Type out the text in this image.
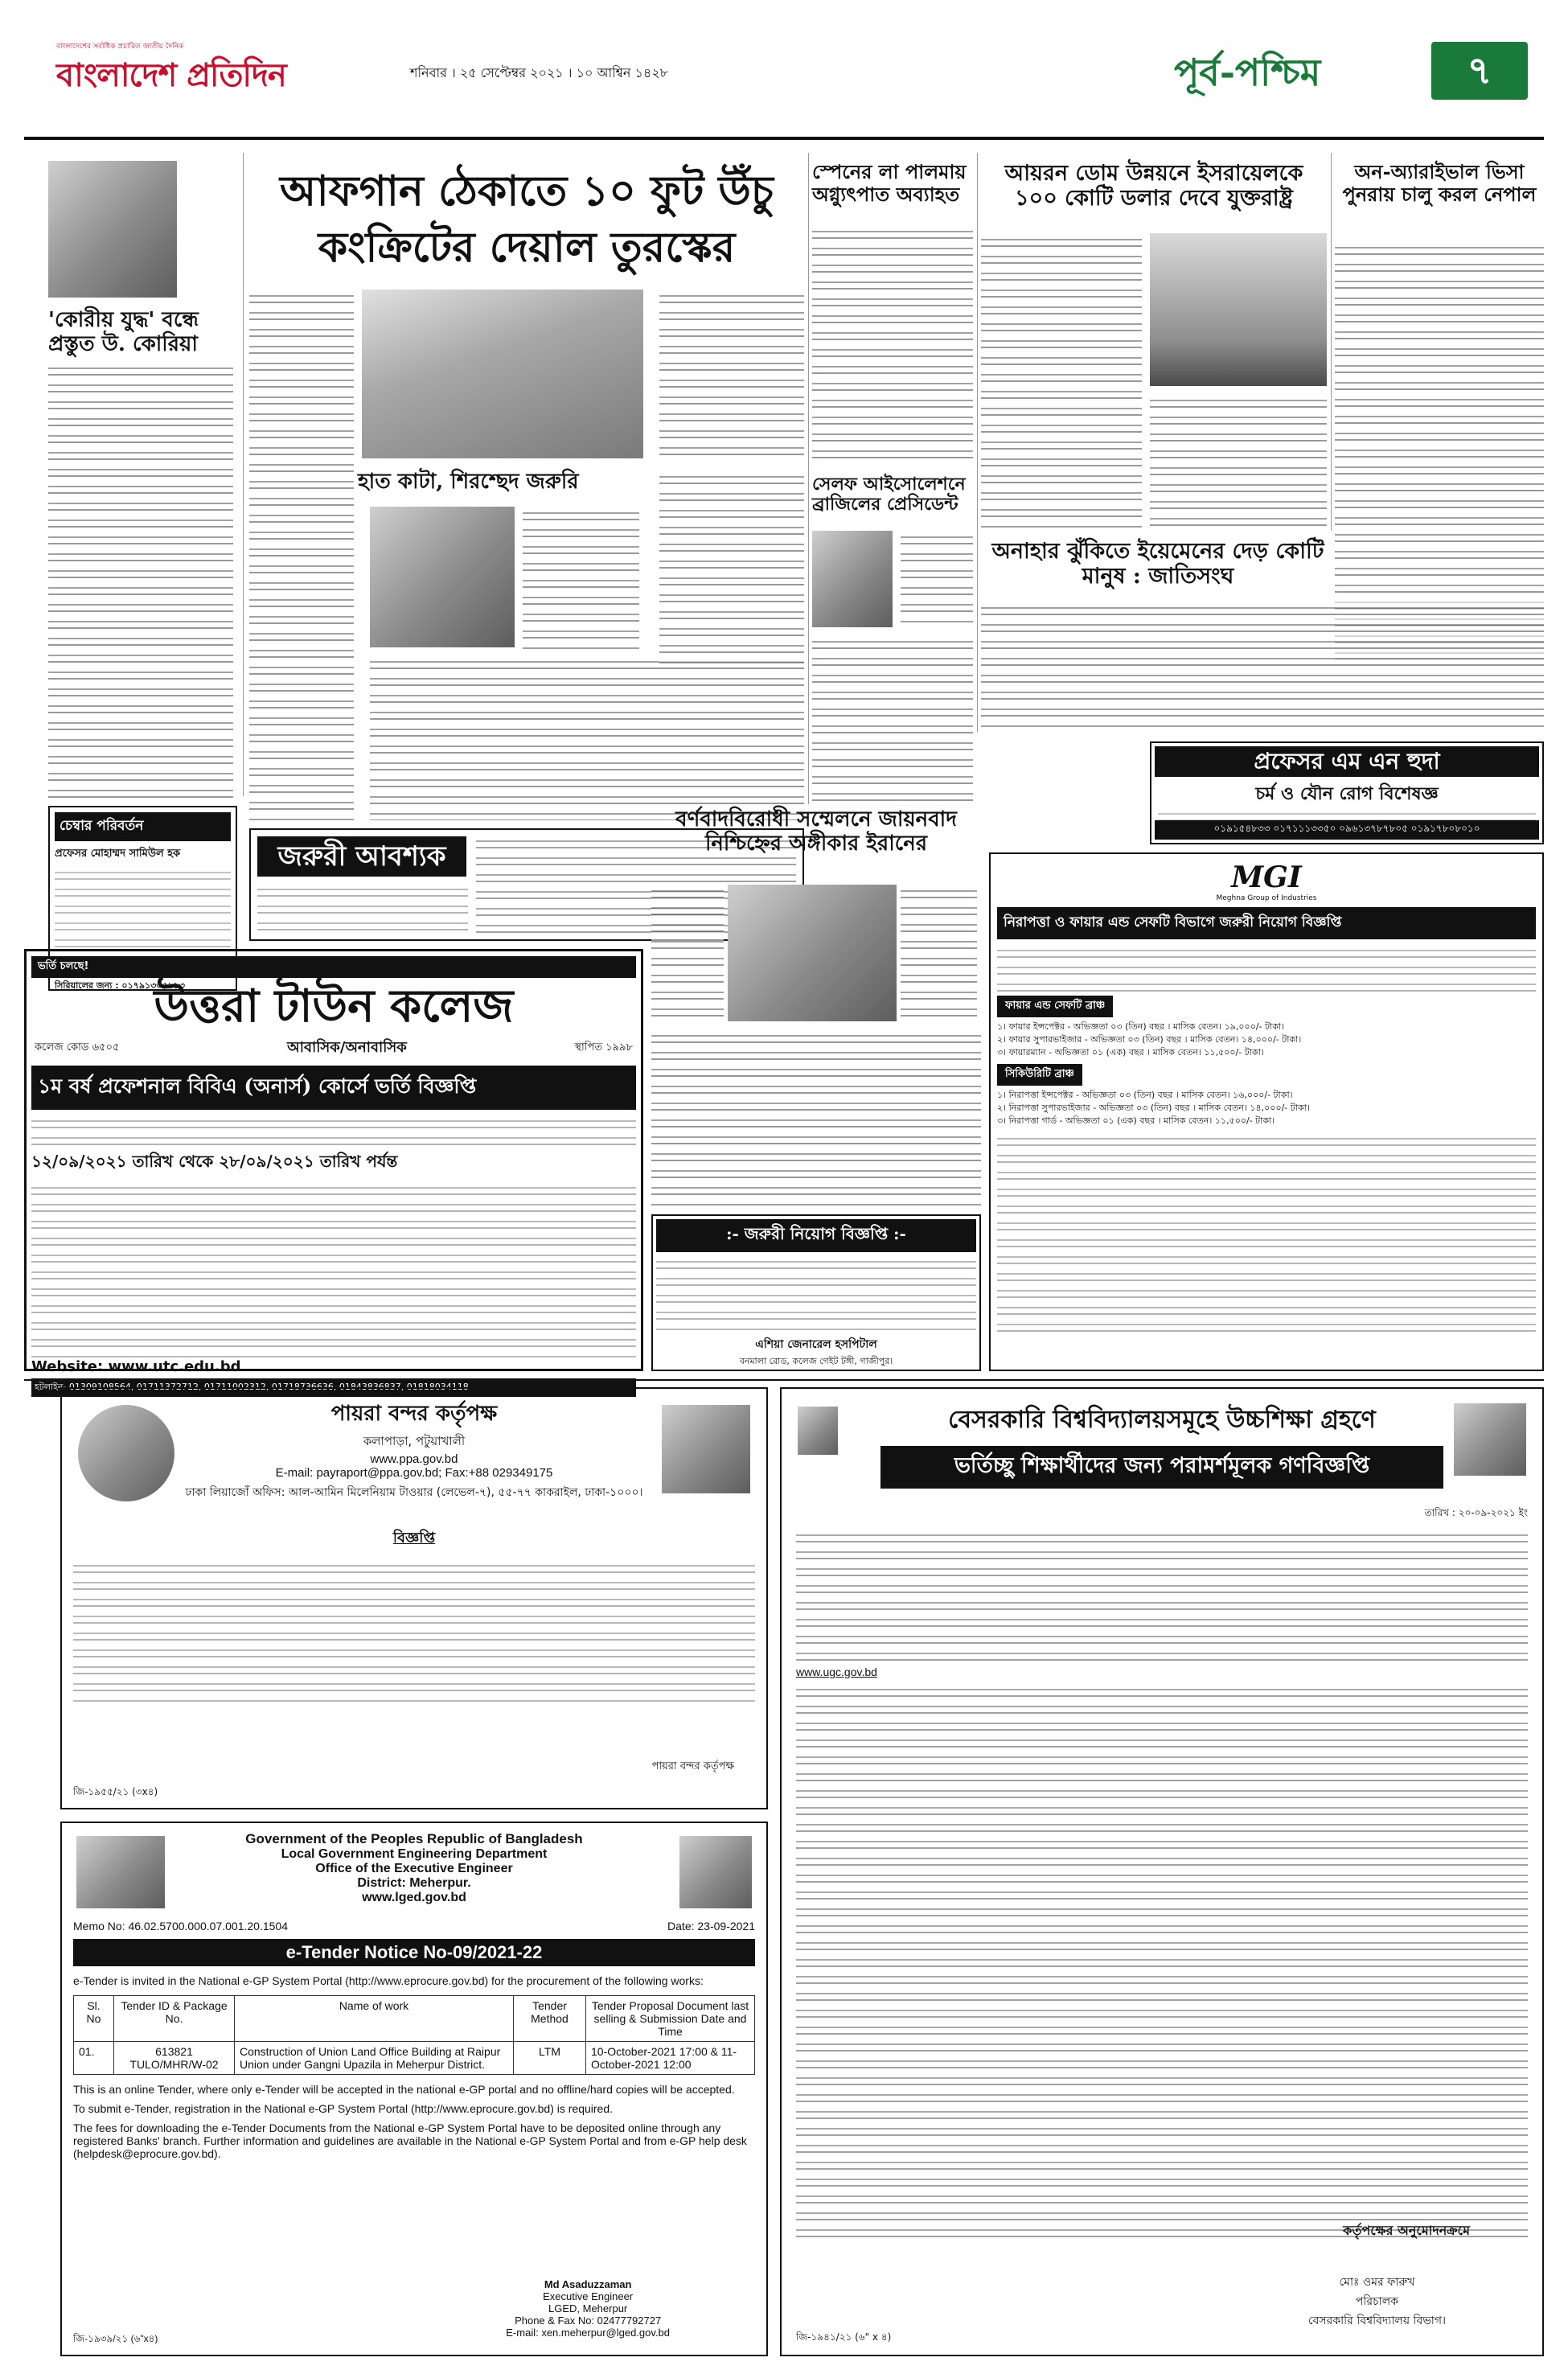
বাংলাদেশের সর্বাধিক প্রচারিত জাতীয় দৈনিক
বাংলাদেশ প্রতিদিন	শনিবার । ২৫ সেপ্টেম্বর ২০২১ । ১০ আশ্বিন ১৪২৮	পূর্ব-পশ্চিম	৭
'কোরীয় যুদ্ধ' বন্ধে প্রস্তুত উ. কোরিয়া
চেম্বার পরিবর্তন
প্রফেসর মোহাম্মদ সামিউল হক
সিরিয়ালের জন্য : ০১৭৯১৩৩৫৯১৩
আফগান ঠেকাতে ১০ ফুট উঁচু
কংক্রিটের দেয়াল তুরস্কের
হাত কাটা, শিরশ্ছেদ জরুরি
জরুরী আবশ্যক
স্পেনের লা পালমায় অগ্ন্যুৎপাত অব্যাহত
সেলফ আইসোলেশনে ব্রাজিলের প্রেসিডেন্ট
আয়রন ডোম উন্নয়নে ইসরায়েলকে ১০০ কোটি ডলার দেবে যুক্তরাষ্ট্র
অন-অ্যারাইভাল ভিসা পুনরায় চালু করল নেপাল
অনাহার ঝুঁকিতে ইয়েমেনের দেড় কোটি মানুষ : জাতিসংঘ
প্রফেসর এম এন হুদা
চর্ম ও যৌন রোগ বিশেষজ্ঞ
০১৯১৫৪৮৩৩ ০১৭১১১৩৩৫০ ০৯৬১৩৭৮৭৮০৫ ০১৯১৭৮০৮০১০
বর্ণবাদবিরোধী সম্মেলনে জায়নবাদ নিশ্চিহ্নের অঙ্গীকার ইরানের
:- জরুরী নিয়োগ বিজ্ঞপ্তি :-
এশিয়া জেনারেল হসপিটাল
বনমালা রোড, কলেজ গেইট টঙ্গী, গাজীপুর।
MGI
Meghna Group of Industries
নিরাপত্তা ও ফায়ার এন্ড সেফটি বিভাগে জরুরী নিয়োগ বিজ্ঞপ্তি
ফায়ার এন্ড সেফটি ব্রাঞ্চ
১। ফায়ার ইন্সপেক্টর - অভিজ্ঞতা ০৩ (তিন) বছর । মাসিক বেতন। ১৯,০০০/- টাকা।
২। ফায়ার সুপারভাইজার - অভিজ্ঞতা ০৩ (তিন) বছর । মাসিক বেতন। ১৪,০০০/- টাকা।
৩। ফায়ারম্যান - অভিজ্ঞতা ০১ (এক) বছর । মাসিক বেতন। ১১,৫০০/- টাকা।
সিকিউরিটি ব্রাঞ্চ
১। নিরাপত্তা ইন্সপেক্টর - অভিজ্ঞতা ০৩ (তিন) বছর । মাসিক বেতন। ১৬,০০০/- টাকা।
২। নিরাপত্তা সুপারভাইজার - অভিজ্ঞতা ০৩ (তিন) বছর । মাসিক বেতন। ১৪,০০০/- টাকা।
৩। নিরাপত্তা গার্ড - অভিজ্ঞতা ০১ (এক) বছর । মাসিক বেতন। ১১,৫০০/- টাকা।
ভর্তি চলছে!
উত্তরা টাউন কলেজ
কলেজ কোড ৬৫০৫	আবাসিক/অনাবাসিক	স্থাপিত ১৯৯৮
১ম বর্ষ প্রফেশনাল বিবিএ (অনার্স) কোর্সে ভর্তি বিজ্ঞপ্তি
১২/০৯/২০২১ তারিখ থেকে ২৮/০৯/২০২১ তারিখ পর্যন্ত
Website: www.utc.edu.bd
হটলাইন- 01309108564, 01711372712, 01711002312, 01718736636, 01843836837, 01818034118
পায়রা বন্দর কর্তৃপক্ষ
কলাপাড়া, পটুয়াখালী
www.ppa.gov.bd
E-mail: payraport@ppa.gov.bd; Fax:+88 029349175
ঢাকা লিয়াজোঁ অফিস: আল-আমিন মিলেনিয়াম টাওয়ার (লেভেল-৭), ৫৫-৭৭ কাকরাইল, ঢাকা-১০০০।
বিজ্ঞপ্তি
পায়রা বন্দর কর্তৃপক্ষ
জি-১৯৫৫/২১ (৩x৪)
Government of the Peoples Republic of Bangladesh
Local Government Engineering Department
Office of the Executive Engineer
District: Meherpur.
www.lged.gov.bd
Memo No: 46.02.5700.000.07.001.20.1504	Date: 23-09-2021
e-Tender Notice No-09/2021-22
e-Tender is invited in the National e-GP System Portal (http://www.eprocure.gov.bd) for the procurement of the following works:
Sl. No	Tender ID & Package No.	Name of work	Tender Method	Tender Proposal Document last selling & Submission Date and Time
01.	613821 TULO/MHR/W-02	Construction of Union Land Office Building at Raipur Union under Gangni Upazila in Meherpur District.	LTM	10-October-2021 17:00 & 11-October-2021 12:00
This is an online Tender, where only e-Tender will be accepted in the national e-GP portal and no offline/hard copies will be accepted.
To submit e-Tender, registration in the National e-GP System Portal (http://www.eprocure.gov.bd) is required.
The fees for downloading the e-Tender Documents from the National e-GP System Portal have to be deposited online through any registered Banks' branch. Further information and guidelines are available in the National e-GP System Portal and from e-GP help desk (helpdesk@eprocure.gov.bd).
Md Asaduzzaman
Executive Engineer
LGED, Meherpur
Phone & Fax No: 02477792727
E-mail: xen.meherpur@lged.gov.bd
জি-১৯৩৯/২১ (৬"x৪)
বেসরকারি বিশ্ববিদ্যালয়সমূহে উচ্চশিক্ষা গ্রহণে
ভর্তিচ্ছু শিক্ষার্থীদের জন্য পরামর্শমূলক গণবিজ্ঞপ্তি
তারিখ : ২০-০৯-২০২১ ইং
www.ugc.gov.bd
কর্তৃপক্ষের অনুমোদনক্রমে
মোঃ ওমর ফারুখ
পরিচালক
বেসরকারি বিশ্ববিদ্যালয় বিভাগ।
জি-১৯৪১/২১ (৬" x ৪)
